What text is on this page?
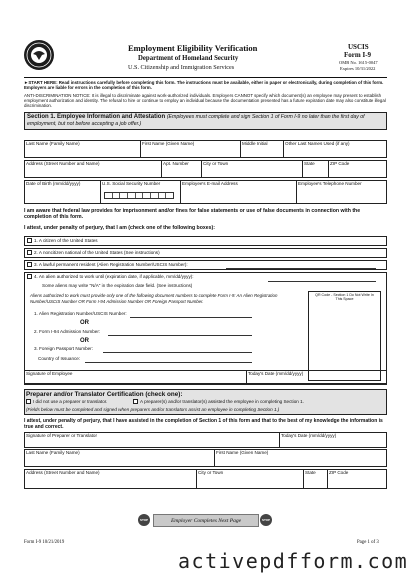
Employment Eligibility Verification
Department of Homeland Security
U.S. Citizenship and Immigration Services
USCIS
Form I-9
OMB No. 1615-0047
Expires 10/31/2022
►START HERE: Read instructions carefully before completing this form. The instructions must be available, either in paper or electronically, during completion of this form. Employers are liable for errors in the completion of this form.
ANTI-DISCRIMINATION NOTICE: It is illegal to discriminate against work-authorized individuals. Employers CANNOT specify which document(s) an employee may present to establish employment authorization and identity. The refusal to hire or continue to employ an individual because the documentation presented has a future expiration date may also constitute illegal discrimination.
Section 1. Employee Information and Attestation (Employees must complete and sign Section 1 of Form I-9 no later than the first day of employment, but not before accepting a job offer.)
Last Name (Family Name)	First Name (Given Name)	Middle Initial	Other Last Names Used (if any)
Address (Street Number and Name)	Apt. Number	City or Town	State	ZIP Code
Date of Birth (mm/dd/yyyy)	U.S. Social Security Number	Employee's E-mail Address	Employee's Telephone Number
I am aware that federal law provides for imprisonment and/or fines for false statements or use of false documents in connection with the completion of this form.
I attest, under penalty of perjury, that I am (check one of the following boxes):
1. A citizen of the United States
2. A noncitizen national of the United States (See instructions)
3. A lawful permanent resident (Alien Registration Number/USCIS Number):
4. An alien authorized to work until (expiration date, if applicable, mm/dd/yyyy):
Some aliens may write "N/A" in the expiration date field. (See instructions)
Aliens authorized to work must provide only one of the following document numbers to complete Form I-9: An Alien Registration Number/USCIS Number OR Form I-94 Admission Number OR Foreign Passport Number.
QR Code - Section 1 Do Not Write In This Space
1. Alien Registration Number/USCIS Number:
OR
2. Form I-94 Admission Number:
OR
3. Foreign Passport Number:
Country of Issuance:
Signature of Employee	Today's Date (mm/dd/yyyy)
Preparer and/or Translator Certification (check one):
I did not use a preparer or translator.	A preparer(s) and/or translator(s) assisted the employee in completing Section 1.
(Fields below must be completed and signed when preparers and/or translators assist an employee in completing Section 1.)
I attest, under penalty of perjury, that I have assisted in the completion of Section 1 of this form and that to the best of my knowledge the information is true and correct.
Signature of Preparer or Translator	Today's Date (mm/dd/yyyy)
Last Name (Family Name)	First Name (Given Name)
Address (Street Number and Name)	City or Town	State	ZIP Code
STOP	Employer Completes Next Page	STOP
Form I-9 10/21/2019	Page 1 of 3
activepdfform.com
